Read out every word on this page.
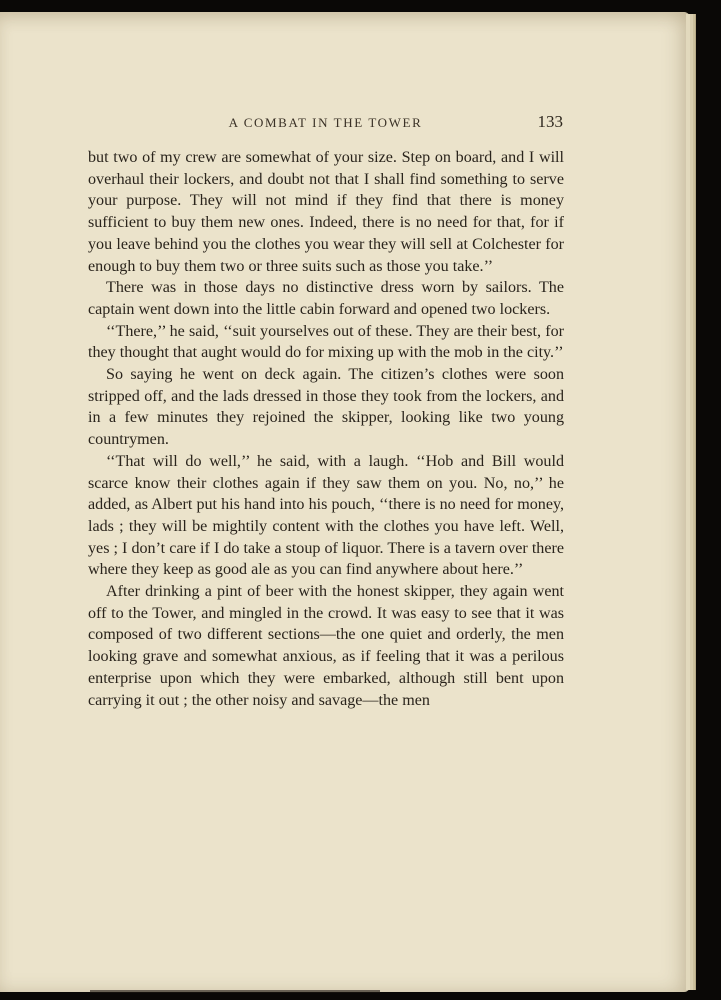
A COMBAT IN THE TOWER	133

but two of my crew are somewhat of your size. Step on board, and I will overhaul their lockers, and doubt not that I shall find something to serve your purpose. They will not mind if they find that there is money sufficient to buy them new ones. Indeed, there is no need for that, for if you leave behind you the clothes you wear they will sell at Colchester for enough to buy them two or three suits such as those you take.’’

There was in those days no distinctive dress worn by sailors. The captain went down into the little cabin forward and opened two lockers.

‘‘There,’’ he said, ‘‘suit yourselves out of these. They are their best, for they thought that aught would do for mixing up with the mob in the city.’’

So saying he went on deck again. The citizen’s clothes were soon stripped off, and the lads dressed in those they took from the lockers, and in a few minutes they rejoined the skipper, looking like two young countrymen.

‘‘That will do well,’’ he said, with a laugh. ‘‘Hob and Bill would scarce know their clothes again if they saw them on you. No, no,’’ he added, as Albert put his hand into his pouch, ‘‘there is no need for money, lads ; they will be mightily content with the clothes you have left. Well, yes ; I don’t care if I do take a stoup of liquor. There is a tavern over there where they keep as good ale as you can find anywhere about here.’’

After drinking a pint of beer with the honest skipper, they again went off to the Tower, and mingled in the crowd. It was easy to see that it was composed of two different sections—the one quiet and orderly, the men looking grave and somewhat anxious, as if feeling that it was a perilous enterprise upon which they were embarked, although still bent upon carrying it out ; the other noisy and savage—the men
